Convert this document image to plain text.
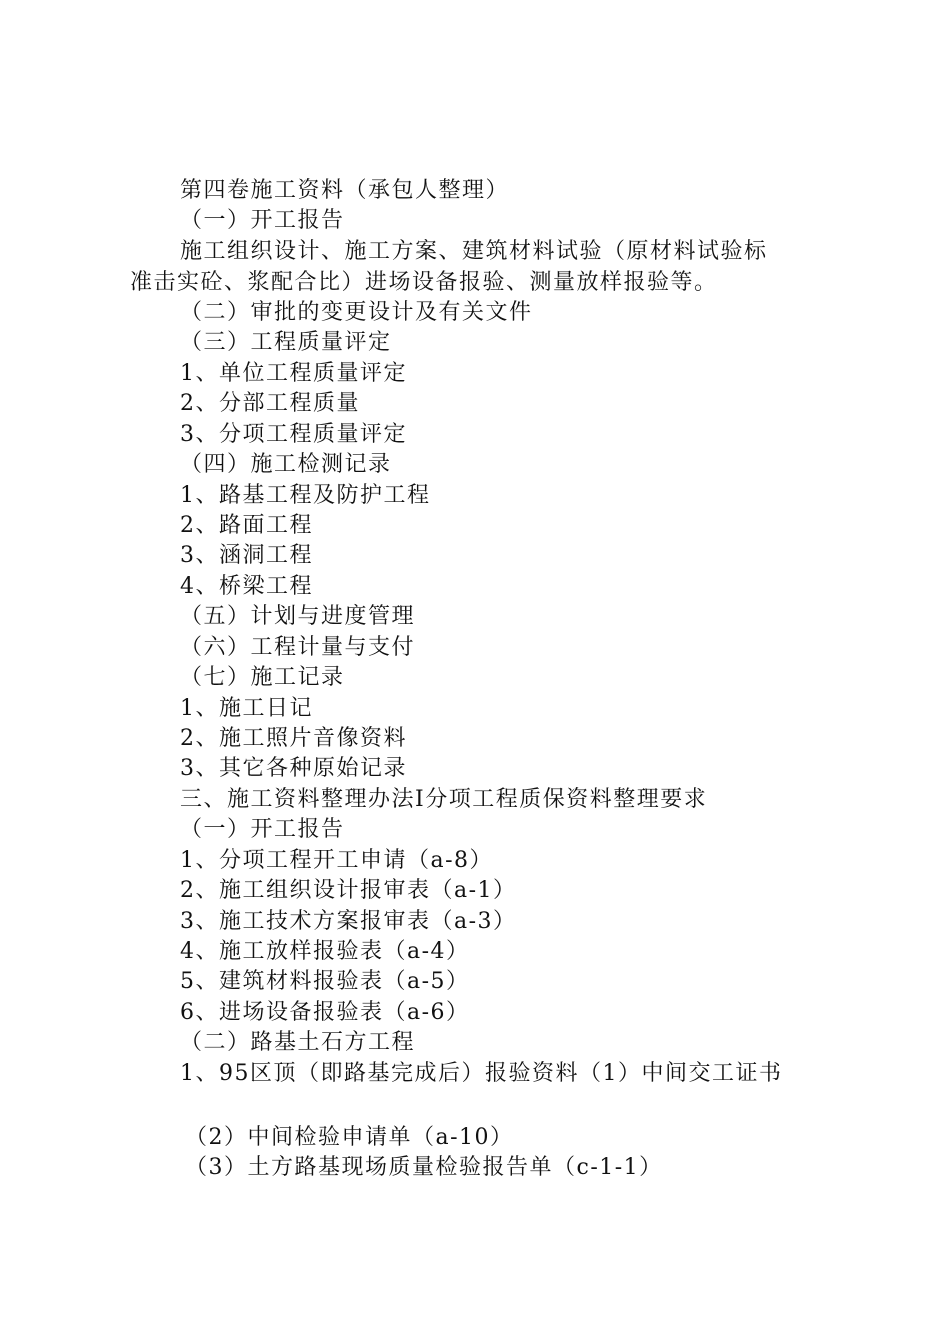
第四卷施工资料（承包人整理）
（一）开工报告
施工组织设计、施工方案、建筑材料试验（原材料试验标
准击实砼、浆配合比）进场设备报验、测量放样报验等。
（二）审批的变更设计及有关文件
（三）工程质量评定
1、单位工程质量评定
2、分部工程质量
3、分项工程质量评定
（四）施工检测记录
1、路基工程及防护工程
2、路面工程
3、涵洞工程
4、桥梁工程
（五）计划与进度管理
（六）工程计量与支付
（七）施工记录
1、施工日记
2、施工照片音像资料
3、其它各种原始记录
三、施工资料整理办法Ⅰ分项工程质保资料整理要求
（一）开工报告
1、分项工程开工申请（a-8）
2、施工组织设计报审表（a-1）
3、施工技术方案报审表（a-3）
4、施工放样报验表（a-4）
5、建筑材料报验表（a-5）
6、进场设备报验表（a-6）
（二）路基土石方工程
1、95区顶（即路基完成后）报验资料（1）中间交工证书
（2）中间检验申请单（a-10）
（3）土方路基现场质量检验报告单（c-1-1）
